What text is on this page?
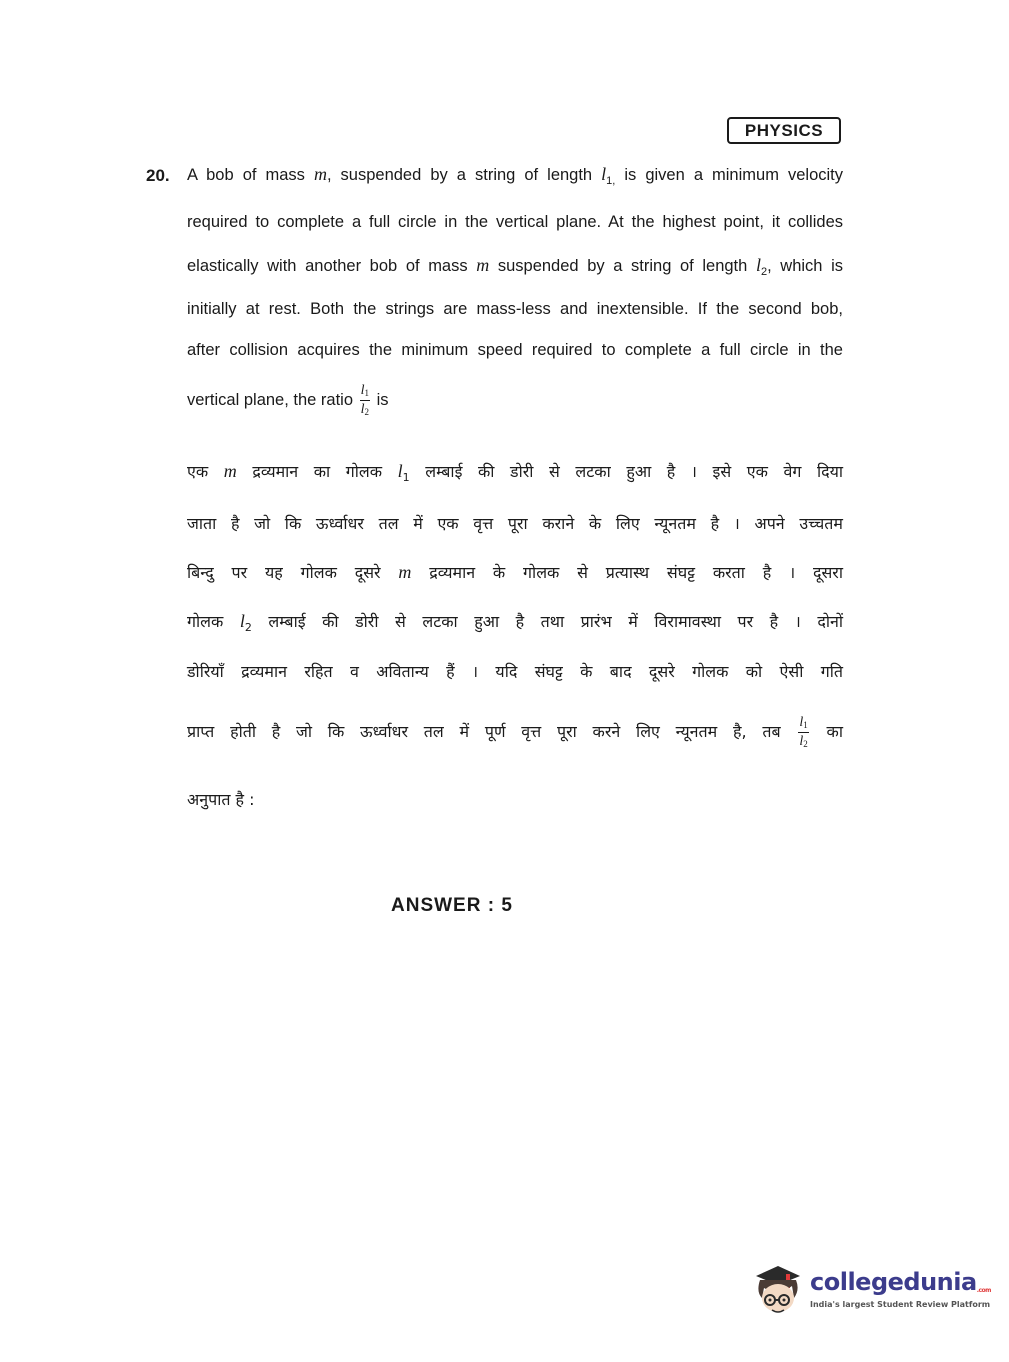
PHYSICS
20. A bob of mass m, suspended by a string of length $l_{1,}$ is given a minimum velocity
required to complete a full circle in the vertical plane. At the highest point, it collides
elastically with another bob of mass m suspended by a string of length $l_2$, which is
initially at rest. Both the strings are mass-less and inextensible. If the second bob,
after collision acquires the minimum speed required to complete a full circle in the
vertical plane, the ratio $\frac{l_1}{l_2}$ is
एक m द्रव्यमान का गोलक $l_1$ लम्बाई की डोरी से लटका हुआ है । इसे एक वेग दिया
जाता है जो कि ऊर्ध्वाधर तल में एक वृत्त पूरा कराने के लिए न्यूनतम है । अपने उच्चतम
बिन्दु पर यह गोलक दूसरे m द्रव्यमान के गोलक से प्रत्यास्थ संघट्ट करता है । दूसरा
गोलक $l_2$ लम्बाई की डोरी से लटका हुआ है तथा प्रारंभ में विरामावस्था पर है । दोनों
डोरियाँ द्रव्यमान रहित व अवितान्य हैं । यदि संघट्ट के बाद दूसरे गोलक को ऐसी गति
प्राप्त होती है जो कि ऊर्ध्वाधर तल में पूर्ण वृत्त पूरा करने लिए न्यूनतम है, तब $\frac{l_1}{l_2}$ का
अनुपात है :
ANSWER : 5
collegedunia.com
India's largest Student Review Platform
